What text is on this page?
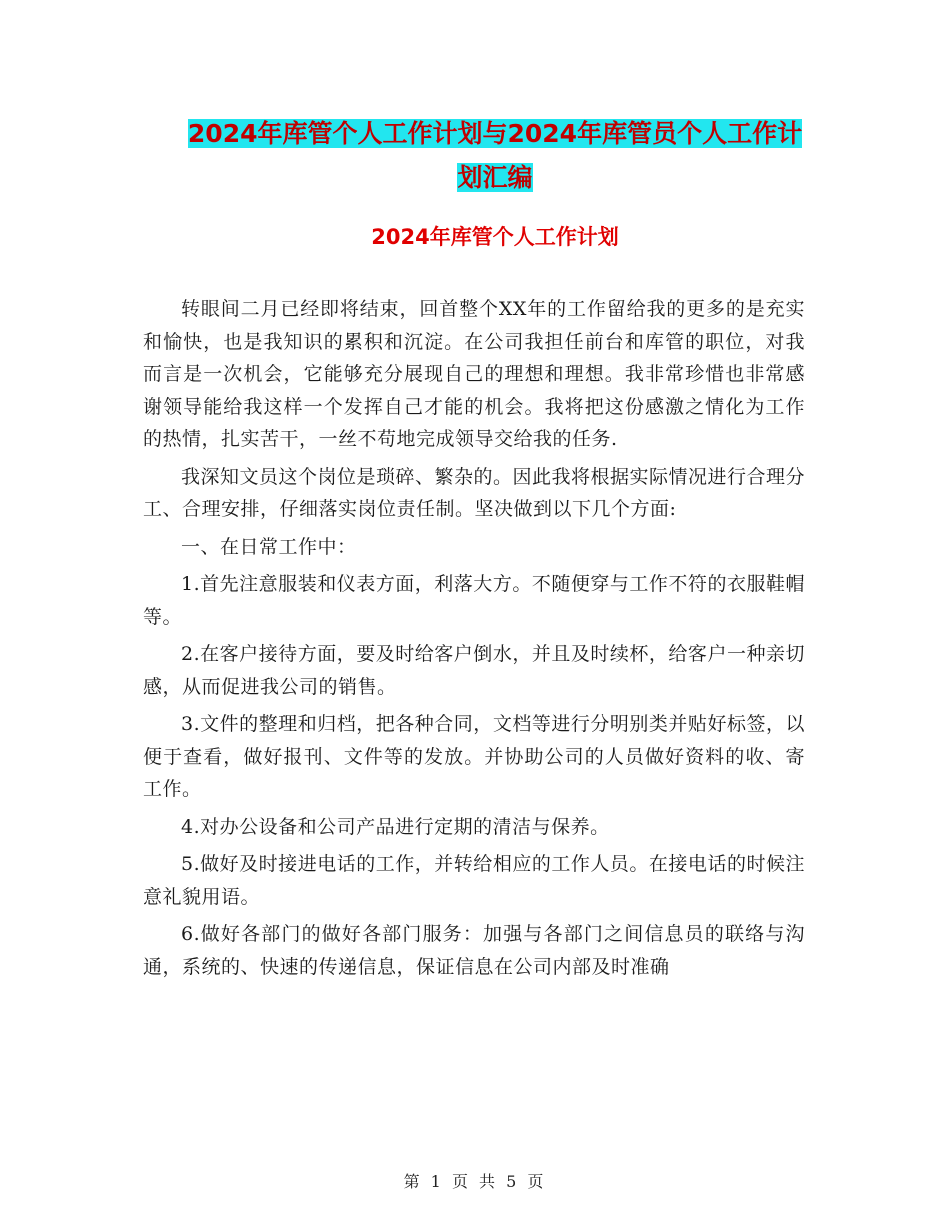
2024年库管个人工作计划与2024年库管员个人工作计
划汇编
2024年库管个人工作计划

转眼间二月已经即将结束，回首整个XX年的工作留给我的更多的是充实和愉快，也是我知识的累积和沉淀。在公司我担任前台和库管的职位，对我而言是一次机会，它能够充分展现自己的理想和理想。我非常珍惜也非常感谢领导能给我这样一个发挥自己才能的机会。我将把这份感激之情化为工作的热情，扎实苦干，一丝不苟地完成领导交给我的任务.

我深知文员这个岗位是琐碎、繁杂的。因此我将根据实际情况进行合理分工、合理安排，仔细落实岗位责任制。坚决做到以下几个方面:

一、在日常工作中：

1.首先注意服装和仪表方面，利落大方。不随便穿与工作不符的衣服鞋帽等。

2.在客户接待方面，要及时给客户倒水，并且及时续杯，给客户一种亲切感，从而促进我公司的销售。

3.文件的整理和归档，把各种合同，文档等进行分明别类并贴好标签，以便于查看，做好报刊、文件等的发放。并协助公司的人员做好资料的收、寄工作。

4.对办公设备和公司产品进行定期的清洁与保养。

5.做好及时接进电话的工作，并转给相应的工作人员。在接电话的时候注意礼貌用语。

6.做好各部门的做好各部门服务：加强与各部门之间信息员的联络与沟通，系统的、快速的传递信息，保证信息在公司内部及时准确

第 1 页 共 5 页
